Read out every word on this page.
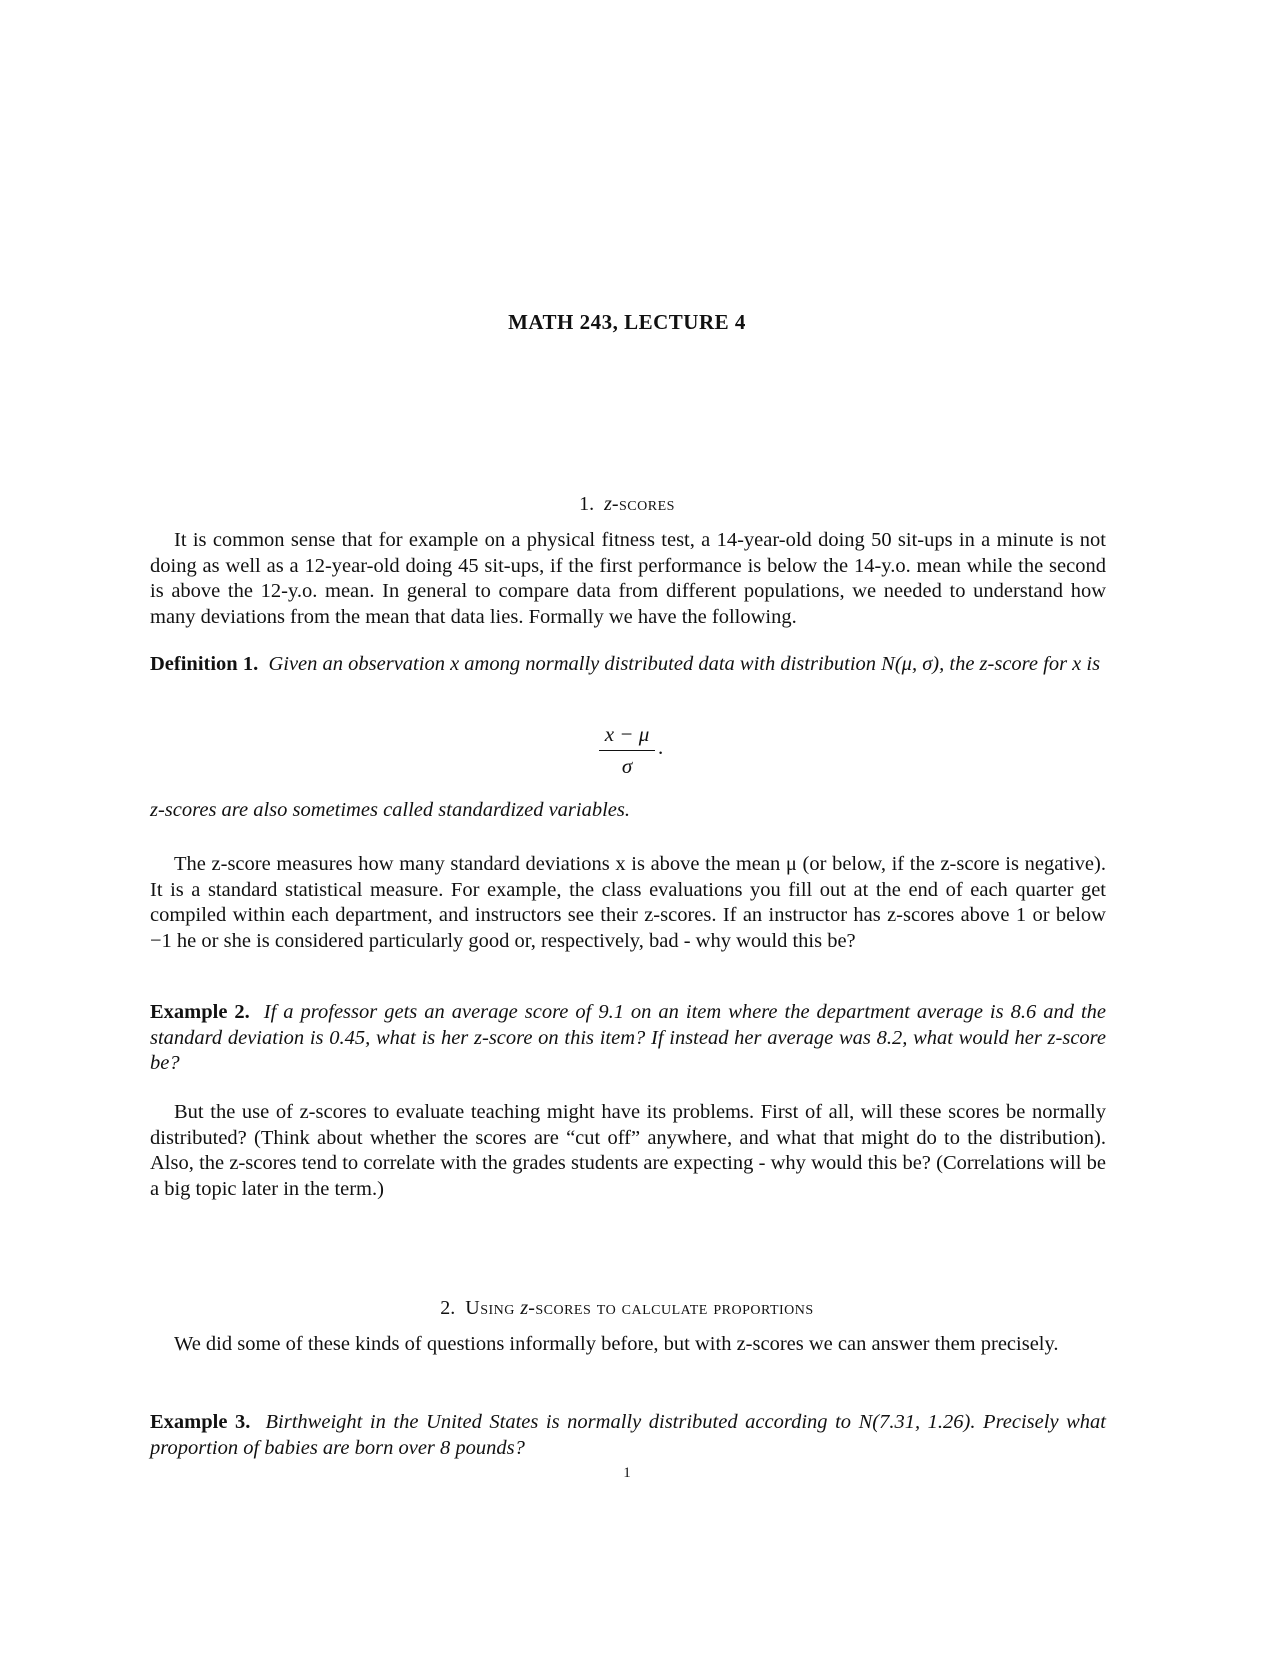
MATH 243, LECTURE 4
1. z-scores

It is common sense that for example on a physical fitness test, a 14-year-old doing 50 sit-ups in a minute is not doing as well as a 12-year-old doing 45 sit-ups, if the first performance is below the 14-y.o. mean while the second is above the 12-y.o. mean. In general to compare data from different populations, we needed to understand how many deviations from the mean that data lies. Formally we have the following.

Definition 1. Given an observation x among normally distributed data with distribution N(μ, σ), the z-score for x is

x − μ
σ
.

z-scores are also sometimes called standardized variables.

The z-score measures how many standard deviations x is above the mean μ (or below, if the z-score is negative). It is a standard statistical measure. For example, the class evaluations you fill out at the end of each quarter get compiled within each department, and instructors see their z-scores. If an instructor has z-scores above 1 or below −1 he or she is considered particularly good or, respectively, bad - why would this be?

Example 2. If a professor gets an average score of 9.1 on an item where the department average is 8.6 and the standard deviation is 0.45, what is her z-score on this item? If instead her average was 8.2, what would her z-score be?

But the use of z-scores to evaluate teaching might have its problems. First of all, will these scores be normally distributed? (Think about whether the scores are “cut off” anywhere, and what that might do to the distribution). Also, the z-scores tend to correlate with the grades students are expecting - why would this be? (Correlations will be a big topic later in the term.)

2. Using z-scores to calculate proportions

We did some of these kinds of questions informally before, but with z-scores we can answer them precisely.

Example 3. Birthweight in the United States is normally distributed according to N(7.31, 1.26). Precisely what proportion of babies are born over 8 pounds?

1
